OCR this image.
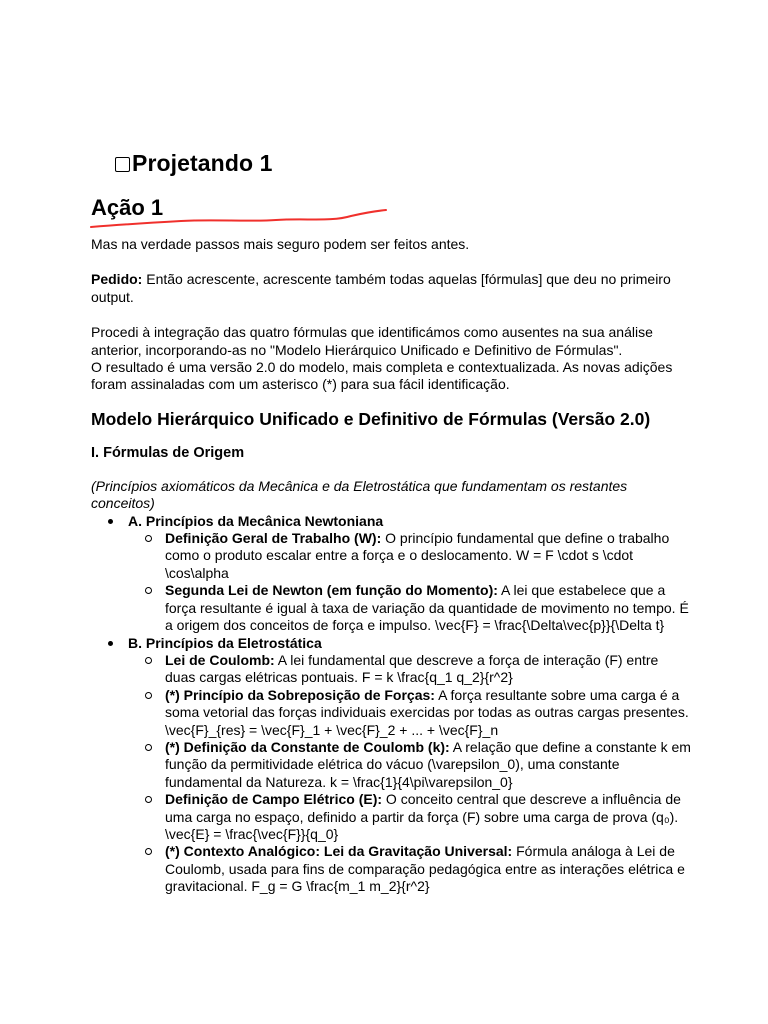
Projetando 1
Ação 1

Mas na verdade passos mais seguro podem ser feitos antes.

Pedido: Então acrescente, acrescente também todas aquelas [fórmulas] que deu no primeiro output.

Procedi à integração das quatro fórmulas que identificámos como ausentes na sua análise anterior, incorporando-as no "Modelo Hierárquico Unificado e Definitivo de Fórmulas".

O resultado é uma versão 2.0 do modelo, mais completa e contextualizada. As novas adições foram assinaladas com um asterisco (*) para sua fácil identificação.

Modelo Hierárquico Unificado e Definitivo de Fórmulas (Versão 2.0)

I. Fórmulas de Origem

(Princípios axiomáticos da Mecânica e da Eletrostática que fundamentam os restantes conceitos)

A. Princípios da Mecânica Newtoniana
Definição Geral de Trabalho (W): O princípio fundamental que define o trabalho como o produto escalar entre a força e o deslocamento. W = F \cdot s \cdot \cos\alpha
Segunda Lei de Newton (em função do Momento): A lei que estabelece que a força resultante é igual à taxa de variação da quantidade de movimento no tempo. É a origem dos conceitos de força e impulso. \vec{F} = \frac{\Delta\vec{p}}{\Delta t}
B. Princípios da Eletrostática
Lei de Coulomb: A lei fundamental que descreve a força de interação (F) entre duas cargas elétricas pontuais. F = k \frac{q_1 q_2}{r^2}
(*) Princípio da Sobreposição de Forças: A força resultante sobre uma carga é a soma vetorial das forças individuais exercidas por todas as outras cargas presentes. \vec{F}_{res} = \vec{F}_1 + \vec{F}_2 + ... + \vec{F}_n
(*) Definição da Constante de Coulomb (k): A relação que define a constante k em função da permitividade elétrica do vácuo (\varepsilon_0), uma constante fundamental da Natureza. k = \frac{1}{4\pi\varepsilon_0}
Definição de Campo Elétrico (E): O conceito central que descreve a influência de uma carga no espaço, definido a partir da força (F) sobre uma carga de prova (q₀). \vec{E} = \frac{\vec{F}}{q_0}
(*) Contexto Analógico: Lei da Gravitação Universal: Fórmula análoga à Lei de Coulomb, usada para fins de comparação pedagógica entre as interações elétrica e gravitacional. F_g = G \frac{m_1 m_2}{r^2}
